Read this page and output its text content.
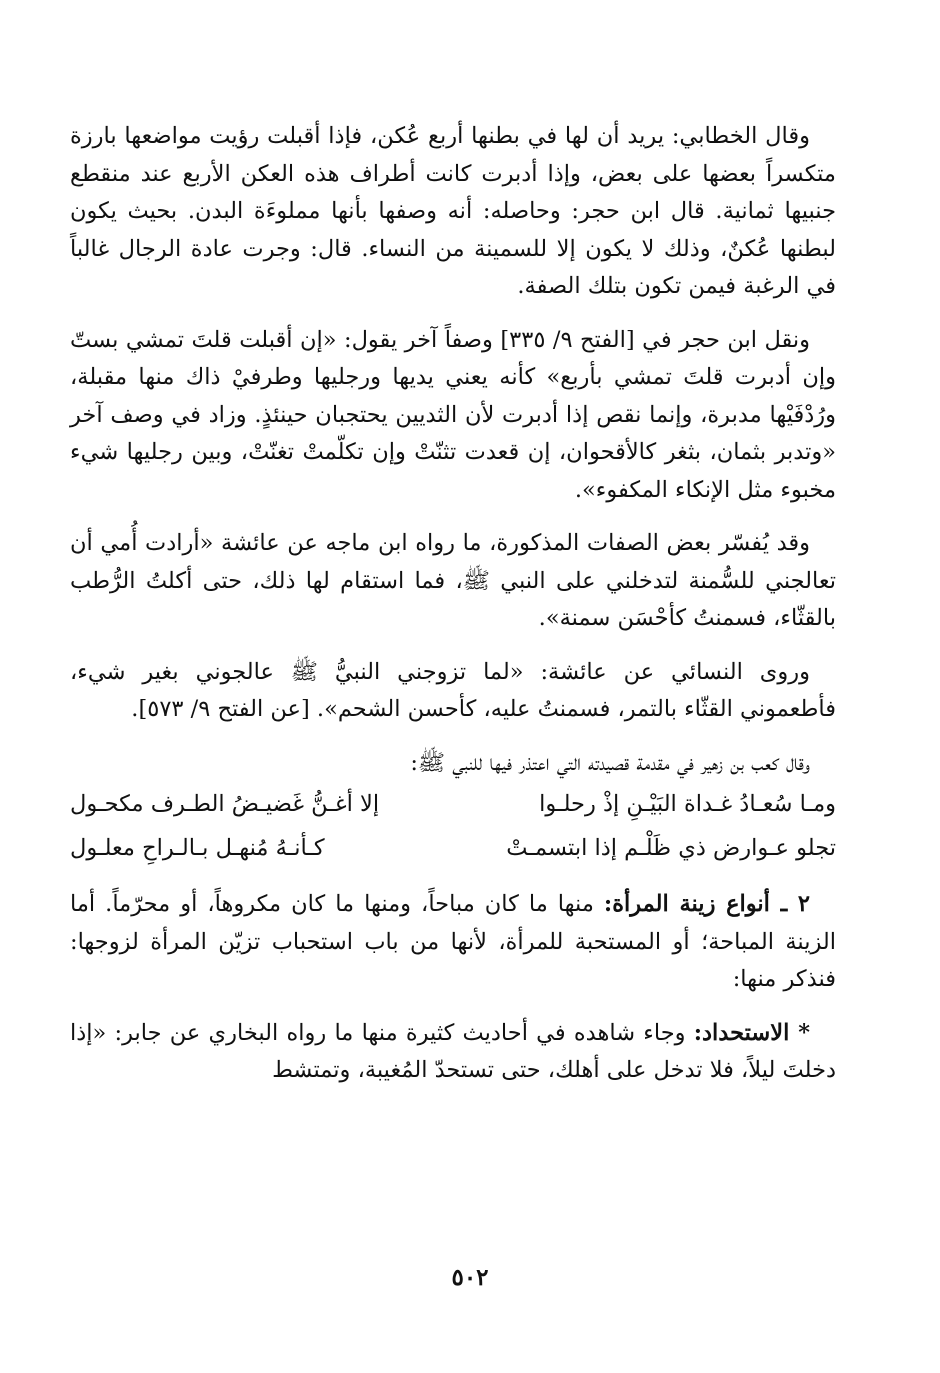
وقال الخطابي: يريد أن لها في بطنها أربع عُكن، فإذا أقبلت رؤيت مواضعها بارزة متكسراً بعضها على بعض، وإذا أدبرت كانت أطراف هذه العكن الأربع عند منقطع جنبيها ثمانية. قال ابن حجر: وحاصله: أنه وصفها بأنها مملوءَة البدن. بحيث يكون لبطنها عُكنٌ، وذلك لا يكون إلا للسمينة من النساء. قال: وجرت عادة الرجال غالباً في الرغبة فيمن تكون بتلك الصفة.

ونقل ابن حجر في [الفتح ٩/ ٣٣٥] وصفاً آخر يقول: «إن أقبلت قلتَ تمشي بستّ وإن أدبرت قلتَ تمشي بأربع» كأنه يعني يديها ورجليها وطرفيْ ذاك منها مقبلة، ورُدْفَيْها مدبرة، وإنما نقص إذا أدبرت لأن الثديين يحتجبان حينئذٍ. وزاد في وصف آخر «وتدبر بثمان، بثغر كالأقحوان، إن قعدت تثنّتْ وإن تكلّمتْ تغنّتْ، وبين رجليها شيء مخبوء مثل الإنكاء المكفوء».

وقد يُفسّر بعض الصفات المذكورة، ما رواه ابن ماجه عن عائشة «أرادت أُمي أن تعالجني للسُّمنة لتدخلني على النبي ﷺ، فما استقام لها ذلك، حتى أكلتُ الرُّطب بالقثّاء، فسمنتُ كأحْسَن سمنة».

وروى النسائي عن عائشة: «لما تزوجني النبيُّ ﷺ عالجوني بغير شيء، فأطعموني القثّاء بالتمر، فسمنتُ عليه، كأحسن الشحم». [عن الفتح ٩/ ٥٧٣].

وقال كعب بن زهير في مقدمة قصيدته التي اعتذر فيها للنبي ﷺ:

ومـا سُعـادُ غـداة البَيْـنِ إذْ رحلـوا
إلا أغـنُّ غَضيـضُ الطـرف مكحـول
تجلو عـوارض ذي ظَلْـم إذا ابتسمـتْ
كـأنـهُ مُنهـل بـالـراحِ معلـول

٢ ـ أنواع زينة المرأة: منها ما كان مباحاً، ومنها ما كان مكروهاً، أو محرّماً. أما الزينة المباحة؛ أو المستحبة للمرأة، لأنها من باب استحباب تزيّن المرأة لزوجها: فنذكر منها:

* الاستحداد: وجاء شاهده في أحاديث كثيرة منها ما رواه البخاري عن جابر: «إذا دخلتَ ليلاً، فلا تدخل على أهلك، حتى تستحدّ المُغيبة، وتمتشط

٥٠٢
